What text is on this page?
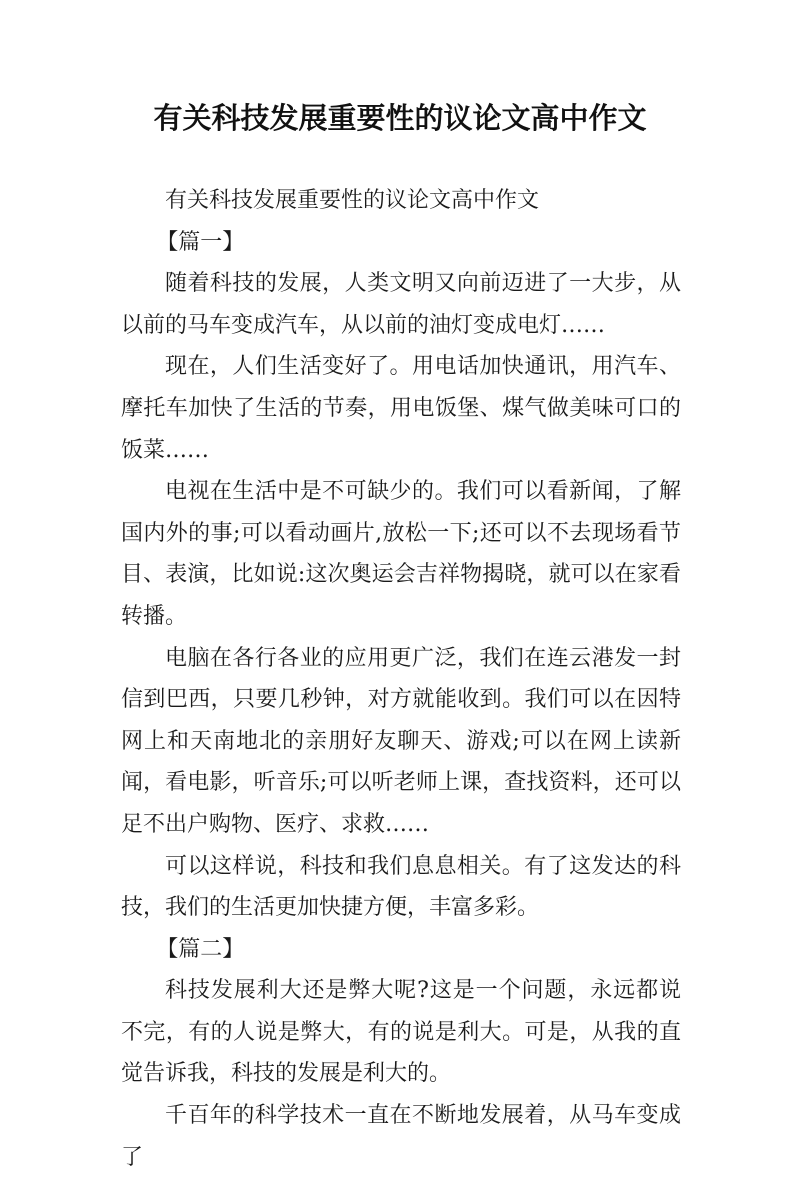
有关科技发展重要性的议论文高中作文

有关科技发展重要性的议论文高中作文

【篇一】

随着科技的发展，人类文明又向前迈进了一大步，从以前的马车变成汽车，从以前的油灯变成电灯……

现在，人们生活变好了。用电话加快通讯，用汽车、摩托车加快了生活的节奏，用电饭堡、煤气做美味可口的饭菜……

电视在生活中是不可缺少的。我们可以看新闻，了解国内外的事;可以看动画片,放松一下;还可以不去现场看节目、表演，比如说:这次奥运会吉祥物揭晓，就可以在家看转播。

电脑在各行各业的应用更广泛，我们在连云港发一封信到巴西，只要几秒钟，对方就能收到。我们可以在因特网上和天南地北的亲朋好友聊天、游戏;可以在网上读新闻，看电影，听音乐;可以听老师上课，查找资料，还可以足不出户购物、医疗、求救……

可以这样说，科技和我们息息相关。有了这发达的科技，我们的生活更加快捷方便，丰富多彩。

【篇二】

科技发展利大还是弊大呢?这是一个问题，永远都说不完，有的人说是弊大，有的说是利大。可是，从我的直觉告诉我，科技的发展是利大的。

千百年的科学技术一直在不断地发展着，从马车变成了
